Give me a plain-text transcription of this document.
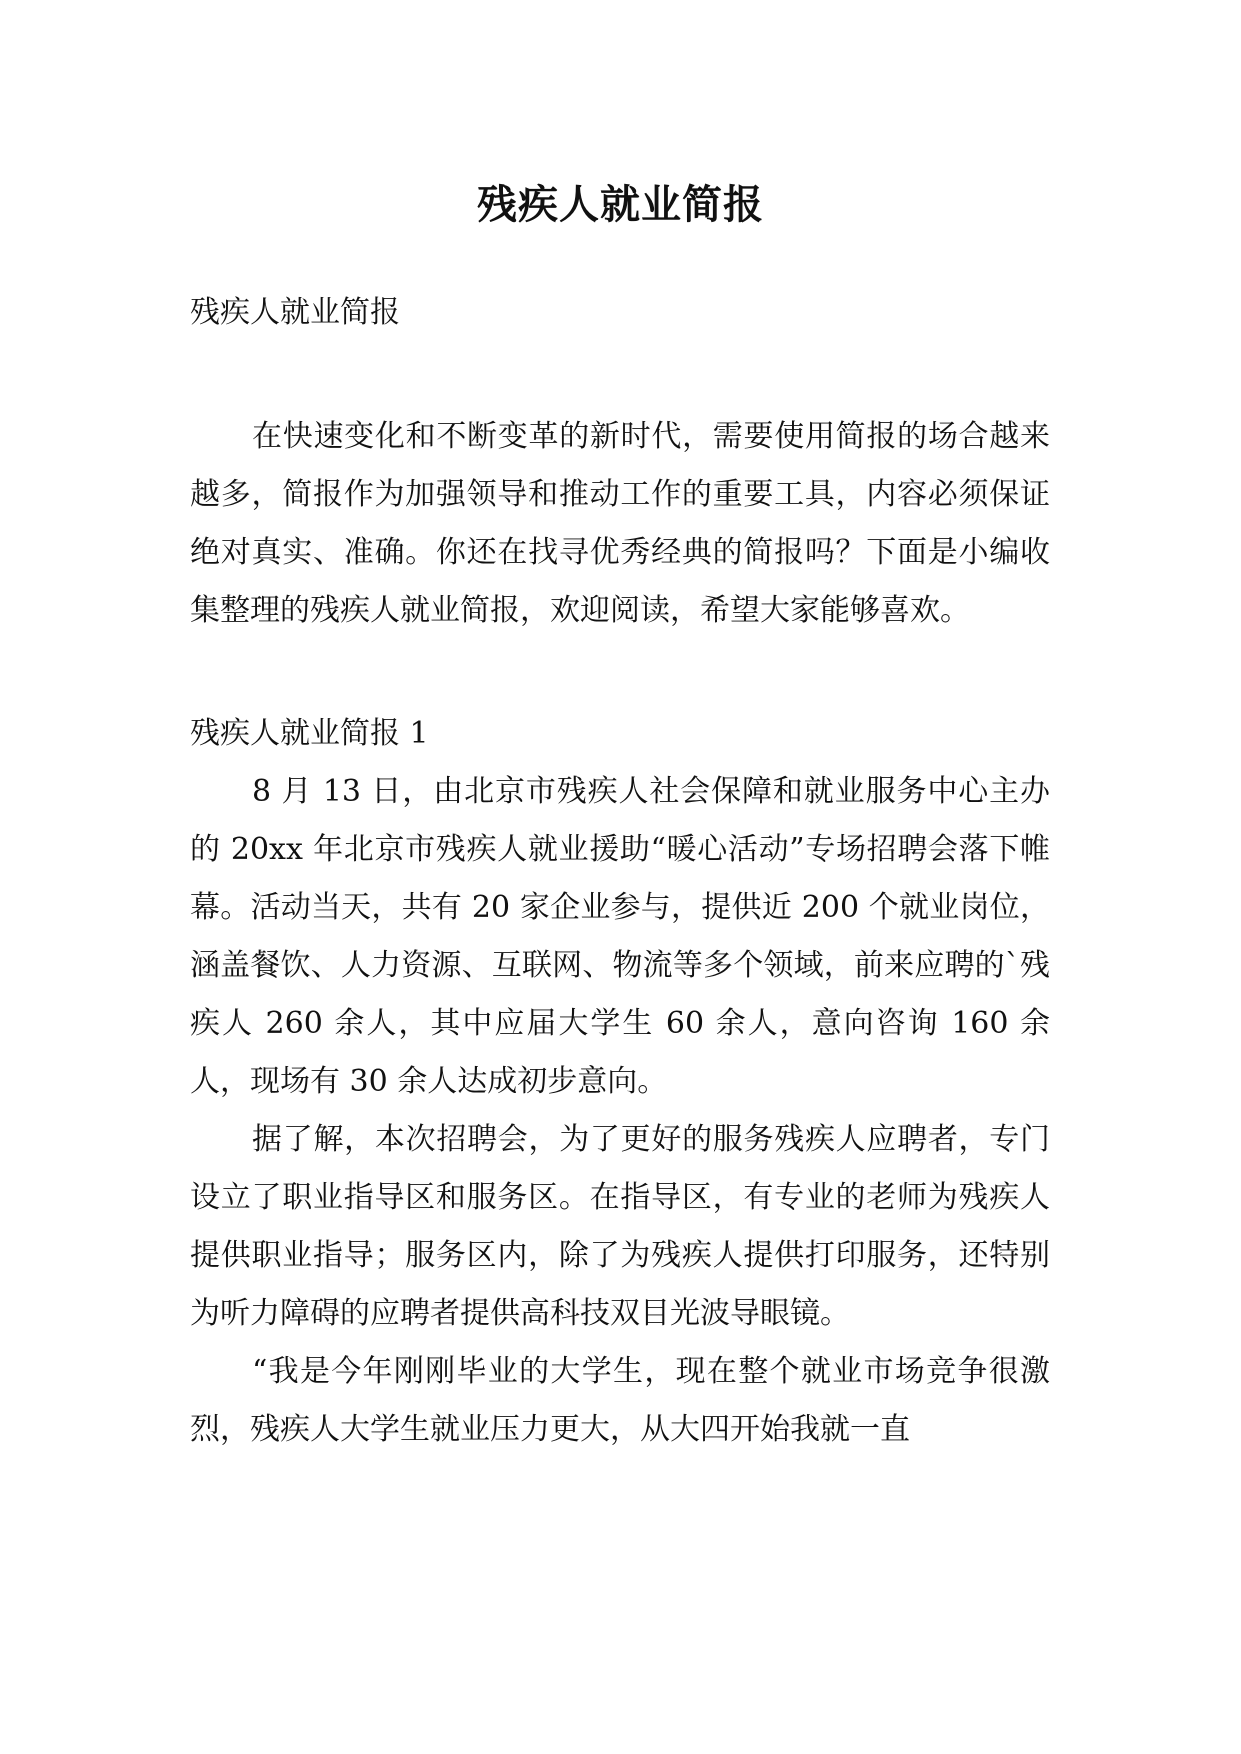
残疾人就业简报

残疾人就业简报

在快速变化和不断变革的新时代，需要使用简报的场合越来越多，简报作为加强领导和推动工作的重要工具，内容必须保证绝对真实、准确。你还在找寻优秀经典的简报吗？下面是小编收集整理的残疾人就业简报，欢迎阅读，希望大家能够喜欢。

残疾人就业简报 1

8 月 13 日，由北京市残疾人社会保障和就业服务中心主办的 20xx 年北京市残疾人就业援助“暖心活动”专场招聘会落下帷幕。活动当天，共有 20 家企业参与，提供近 200 个就业岗位，涵盖餐饮、人力资源、互联网、物流等多个领域，前来应聘的`残疾人 260 余人，其中应届大学生 60 余人，意向咨询 160 余人，现场有 30 余人达成初步意向。

据了解，本次招聘会，为了更好的服务残疾人应聘者，专门设立了职业指导区和服务区。在指导区，有专业的老师为残疾人提供职业指导；服务区内，除了为残疾人提供打印服务，还特别为听力障碍的应聘者提供高科技双目光波导眼镜。

“我是今年刚刚毕业的大学生，现在整个就业市场竞争很激烈，残疾人大学生就业压力更大，从大四开始我就一直
